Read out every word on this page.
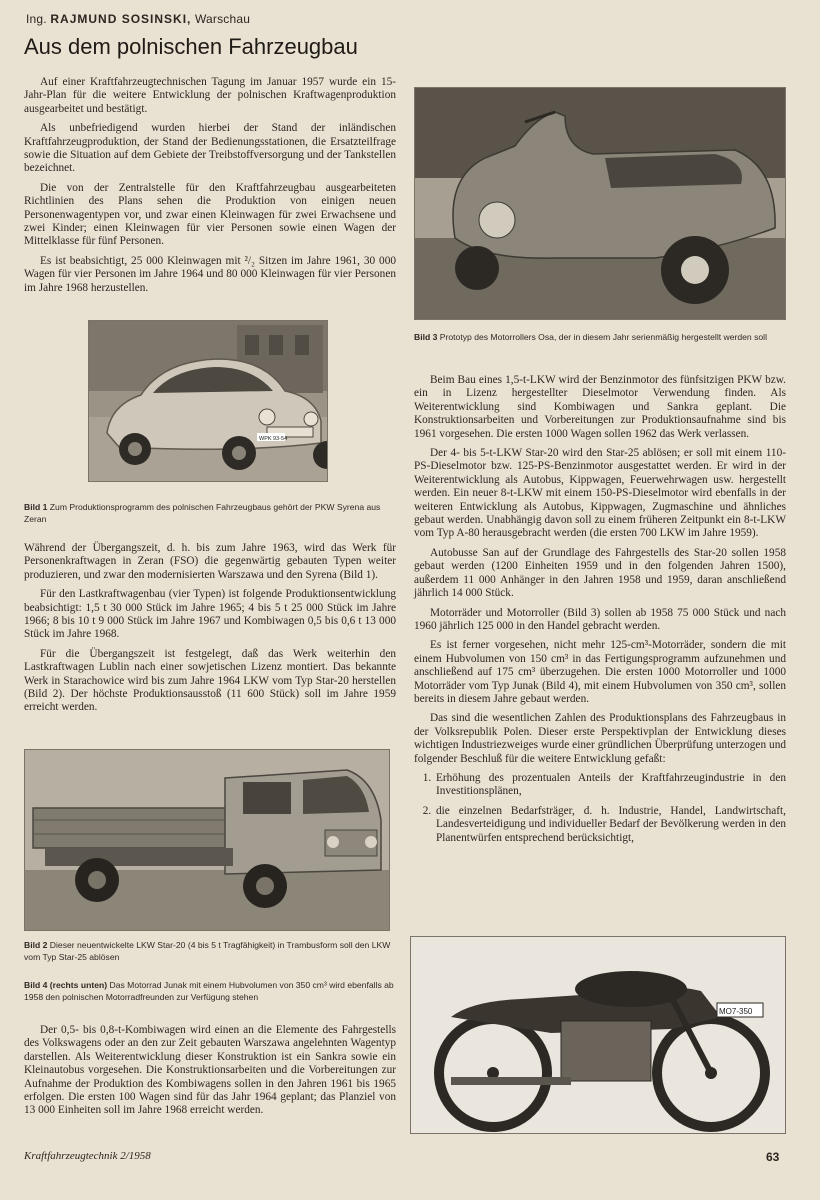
Ing. RAJMUND SOSINSKI, Warschau
Aus dem polnischen Fahrzeugbau

Auf einer Kraftfahrzeugtechnischen Tagung im Januar 1957 wurde ein 15-Jahr-Plan für die weitere Entwicklung der polnischen Kraftwagenproduktion ausgearbeitet und bestätigt.

Als unbefriedigend wurden hierbei der Stand der inländischen Kraftfahrzeugproduktion, der Stand der Bedienungsstationen, die Ersatzteilfrage sowie die Situation auf dem Gebiete der Treibstoffversorgung und der Tankstellen bezeichnet.

Die von der Zentralstelle für den Kraftfahrzeugbau ausgearbeiteten Richtlinien des Plans sehen die Produktion von einigen neuen Personenwagentypen vor, und zwar einen Kleinwagen für zwei Erwachsene und zwei Kinder; einen Kleinwagen für vier Personen sowie einen Wagen der Mittelklasse für fünf Personen.

Es ist beabsichtigt, 25 000 Kleinwagen mit ²/₂ Sitzen im Jahre 1961, 30 000 Wagen für vier Personen im Jahre 1964 und 80 000 Kleinwagen für vier Personen im Jahre 1968 herzustellen.

WPK 93-54
Bild 1 Zum Produktionsprogramm des polnischen Fahrzeugbaus gehört der PKW Syrena aus Zeran

Während der Übergangszeit, d. h. bis zum Jahre 1963, wird das Werk für Personenkraftwagen in Zeran (FSO) die gegenwärtig gebauten Typen weiter produzieren, und zwar den modernisierten Warszawa und den Syrena (Bild 1).

Für den Lastkraftwagenbau (vier Typen) ist folgende Produktionsentwicklung beabsichtigt: 1,5 t 30 000 Stück im Jahre 1965; 4 bis 5 t 25 000 Stück im Jahre 1966; 8 bis 10 t 9 000 Stück im Jahre 1967 und Kombiwagen 0,5 bis 0,6 t 13 000 Stück im Jahre 1968.

Für die Übergangszeit ist festgelegt, daß das Werk weiterhin den Lastkraftwagen Lublin nach einer sowjetischen Lizenz montiert. Das bekannte Werk in Starachowice wird bis zum Jahre 1964 LKW vom Typ Star-20 herstellen (Bild 2). Der höchste Produktionsausstoß (11 600 Stück) soll im Jahre 1959 erreicht werden.

Bild 2 Dieser neuentwickelte LKW Star-20 (4 bis 5 t Tragfähigkeit) in Trambusform soll den LKW vom Typ Star-25 ablösen
Bild 4 (rechts unten) Das Motorrad Junak mit einem Hubvolumen von 350 cm³ wird ebenfalls ab 1958 den polnischen Motorradfreunden zur Verfügung stehen

Der 0,5- bis 0,8-t-Kombiwagen wird einen an die Elemente des Fahrgestells des Volkswagens oder an den zur Zeit gebauten Warszawa angelehnten Wagentyp darstellen. Als Weiterentwicklung dieser Konstruktion ist ein Sankra sowie ein Kleinautobus vorgesehen. Die Konstruktionsarbeiten und die Vorbereitungen zur Aufnahme der Produktion des Kombiwagens sollen in den Jahren 1961 bis 1965 erfolgen. Die ersten 100 Wagen sind für das Jahr 1964 geplant; das Planziel von 13 000 Einheiten soll im Jahre 1968 erreicht werden.

Bild 3 Prototyp des Motorrollers Osa, der in diesem Jahr serienmäßig hergestellt werden soll

Beim Bau eines 1,5-t-LKW wird der Benzinmotor des fünfsitzigen PKW bzw. ein in Lizenz hergestellter Dieselmotor Verwendung finden. Als Weiterentwicklung sind Kombiwagen und Sankra geplant. Die Konstruktionsarbeiten und Vorbereitungen zur Produktionsaufnahme sind bis 1961 vorgesehen. Die ersten 1000 Wagen sollen 1962 das Werk verlassen.

Der 4- bis 5-t-LKW Star-20 wird den Star-25 ablösen; er soll mit einem 110-PS-Dieselmotor bzw. 125-PS-Benzinmotor ausgestattet werden. Er wird in der Weiterentwicklung als Autobus, Kippwagen, Feuerwehrwagen usw. hergestellt werden. Ein neuer 8-t-LKW mit einem 150-PS-Dieselmotor wird ebenfalls in der weiteren Entwicklung als Autobus, Kippwagen, Zugmaschine und ähnliches gebaut werden. Unabhängig davon soll zu einem früheren Zeitpunkt ein 8-t-LKW vom Typ A-80 herausgebracht werden (die ersten 700 LKW im Jahre 1959).

Autobusse San auf der Grundlage des Fahrgestells des Star-20 sollen 1958 gebaut werden (1200 Einheiten 1959 und in den folgenden Jahren 1500), außerdem 11 000 Anhänger in den Jahren 1958 und 1959, daran anschließend jährlich 14 000 Stück.

Motorräder und Motorroller (Bild 3) sollen ab 1958 75 000 Stück und nach 1960 jährlich 125 000 in den Handel gebracht werden.

Es ist ferner vorgesehen, nicht mehr 125-cm³-Motorräder, sondern die mit einem Hubvolumen von 150 cm³ in das Fertigungsprogramm aufzunehmen und anschließend auf 175 cm³ überzugehen. Die ersten 1000 Motorroller und 1000 Motorräder vom Typ Junak (Bild 4), mit einem Hubvolumen von 350 cm³, sollen bereits in diesem Jahre gebaut werden.

Das sind die wesentlichen Zahlen des Produktionsplans des Fahrzeugbaus in der Volksrepublik Polen. Dieser erste Perspektivplan der Entwicklung dieses wichtigen Industriezweiges wurde einer gründlichen Überprüfung unterzogen und folgender Beschluß für die weitere Entwicklung gefaßt:

1. Erhöhung des prozentualen Anteils der Kraftfahrzeugindustrie in den Investitionsplänen,
2. die einzelnen Bedarfsträger, d. h. Industrie, Handel, Landwirtschaft, Landesverteidigung und individueller Bedarf der Bevölkerung werden in den Planentwürfen entsprechend berücksichtigt,
MO7-350
Kraftfahrzeugtechnik 2/1958	63
